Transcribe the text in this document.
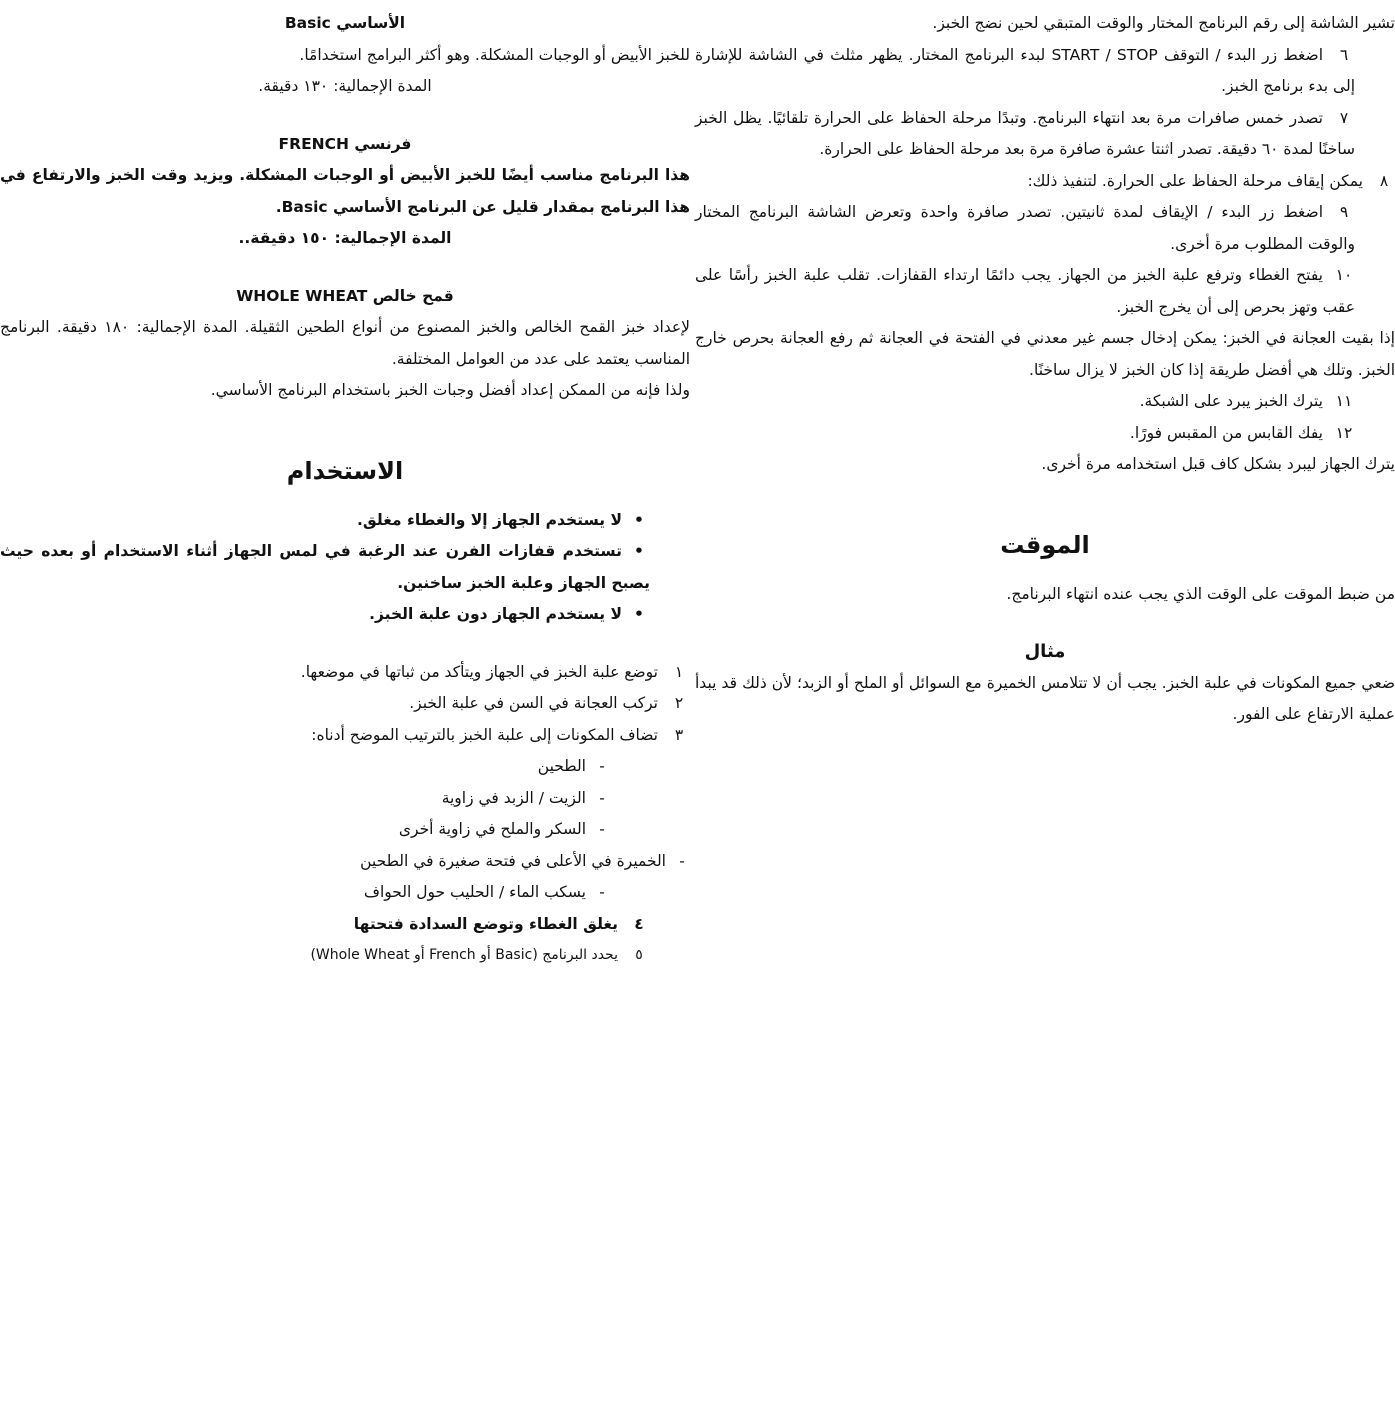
تشير الشاشة إلى رقم البرنامج المختار والوقت المتبقي لحين نضج الخبز.

٦اضغط زر البدء / التوقف START / STOP لبدء البرنامج المختار. يظهر مثلث في الشاشة للإشارة إلى بدء برنامج الخبز.

٧تصدر خمس صافرات مرة بعد انتهاء البرنامج. وتبدًا مرحلة الحفاظ على الحرارة تلقائيًا. يظل الخبز ساخنًا لمدة ٦٠ دقيقة. تصدر اثنتا عشرة صافرة مرة بعد مرحلة الحفاظ على الحرارة.

٨يمكن إيقاف مرحلة الحفاظ على الحرارة. لتنفيذ ذلك:

٩اضغط زر البدء / الإيقاف لمدة ثانيتين. تصدر صافرة واحدة وتعرض الشاشة البرنامج المختار والوقت المطلوب مرة أخرى.

١٠يفتح الغطاء وترفع علبة الخبز من الجهاز. يجب دائمًا ارتداء القفازات. تقلب علبة الخبز رأسًا على عقب وتهز بحرص إلى أن يخرج الخبز.

إذا بقيت العجانة في الخبز: يمكن إدخال جسم غير معدني في الفتحة في العجانة ثم رفع العجانة بحرص خارج الخبز. وتلك هي أفضل طريقة إذا كان الخبز لا يزال ساخنًا.

١١يترك الخبز يبرد على الشبكة.

١٢يفك القابس من المقبس فورًا.

يترك الجهاز ليبرد بشكل كاف قبل استخدامه مرة أخرى.

الموقت

من ضبط الموقت على الوقت الذي يجب عنده انتهاء البرنامج.

مثال

ضعي جميع المكونات في علبة الخبز. يجب أن لا تتلامس الخميرة مع السوائل أو الملح أو الزبد؛ لأن ذلك قد يبدأ عملية الارتفاع على الفور.

الأساسي Basic

للخبز الأبيض أو الوجبات المشكلة. وهو أكثر البرامج استخدامًا.

المدة الإجمالية: ١٣٠ دقيقة.

فرنسي FRENCH

هذا البرنامج مناسب أيضًا للخبز الأبيض أو الوجبات المشكلة. ويزيد وقت الخبز والارتفاع في هذا البرنامج بمقدار قليل عن البرنامج الأساسي Basic.

المدة الإجمالية: ١٥٠ دقيقة..

قمح خالص WHOLE WHEAT

لإعداد خبز القمح الخالص والخبز المصنوع من أنواع الطحين الثقيلة. المدة الإجمالية: ١٨٠ دقيقة. البرنامج المناسب يعتمد على عدد من العوامل المختلفة.

ولذا فإنه من الممكن إعداد أفضل وجبات الخبز باستخدام البرنامج الأساسي.

الاستخدام

•لا يستخدم الجهاز إلا والغطاء مغلق.

•تستخدم قفازات الفرن عند الرغبة في لمس الجهاز أثناء الاستخدام أو بعده حيث يصبح الجهاز وعلبة الخبز ساخنين.

•لا يستخدم الجهاز دون علبة الخبز.

١توضع علبة الخبز في الجهاز ويتأكد من ثباتها في موضعها.

٢تركب العجانة في السن في علبة الخبز.

٣تضاف المكونات إلى علبة الخبز بالترتيب الموضح أدناه:

-الطحين

-الزيت / الزبد في زاوية

-السكر والملح في زاوية أخرى

-الخميرة في الأعلى في فتحة صغيرة في الطحين

-يسكب الماء / الحليب حول الحواف

٤يغلق الغطاء وتوضع السدادة فتحتها

٥يحدد البرنامج (Basic أو French أو Whole Wheat)
